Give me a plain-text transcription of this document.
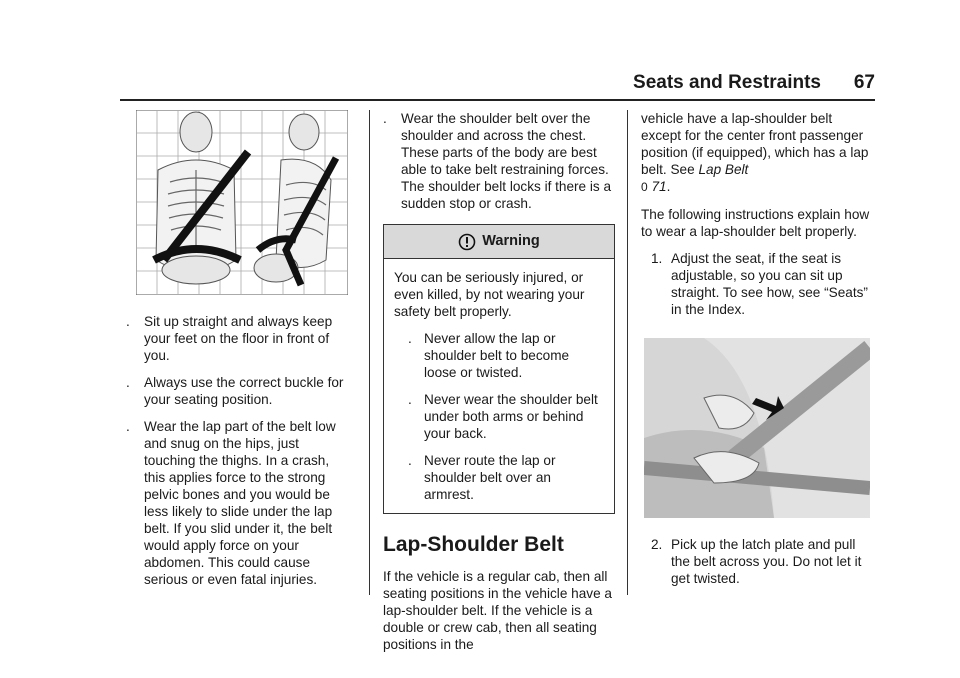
Seats and Restraints 67
. Sit up straight and always keep your feet on the floor in front of you.
. Always use the correct buckle for your seating position.
. Wear the lap part of the belt low and snug on the hips, just touching the thighs. In a crash, this applies force to the strong pelvic bones and you would be less likely to slide under the lap belt. If you slid under it, the belt would apply force on your abdomen. This could cause serious or even fatal injuries.
. Wear the shoulder belt over the shoulder and across the chest. These parts of the body are best able to take belt restraining forces. The shoulder belt locks if there is a sudden stop or crash.
Warning
You can be seriously injured, or even killed, by not wearing your safety belt properly.
. Never allow the lap or shoulder belt to become loose or twisted.
. Never wear the shoulder belt under both arms or behind your back.
. Never route the lap or shoulder belt over an armrest.
Lap-Shoulder Belt

If the vehicle is a regular cab, then all seating positions in the vehicle have a lap-shoulder belt. If the vehicle is a double or crew cab, then all seating positions in the

vehicle have a lap-shoulder belt except for the center front passenger position (if equipped), which has a lap belt. See Lap Belt
0 71.

The following instructions explain how to wear a lap-shoulder belt properly.

1. Adjust the seat, if the seat is adjustable, so you can sit up straight. To see how, see “Seats” in the Index.
2. Pick up the latch plate and pull the belt across you. Do not let it get twisted.
